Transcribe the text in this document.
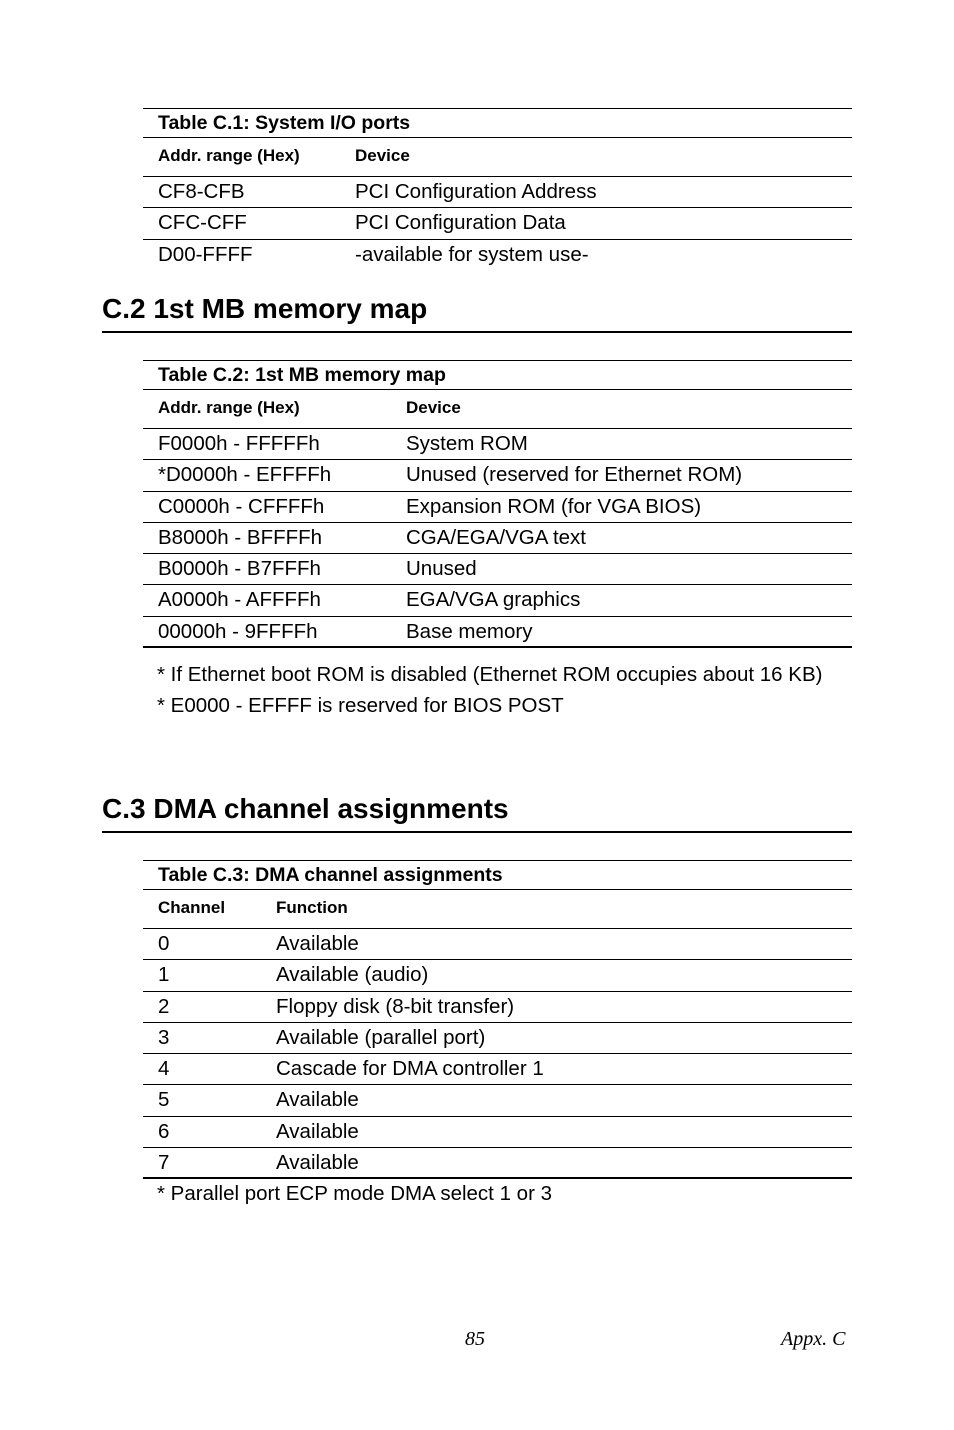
Table C.1: System I/O ports
Addr. range (Hex)	Device
CF8-CFB	PCI Configuration Address
CFC-CFF	PCI Configuration Data
D00-FFFF	-available for system use-
C.2 1st MB memory map
Table C.2: 1st MB memory map
Addr. range (Hex)	Device
F0000h - FFFFFh	System ROM
*D0000h - EFFFFh	Unused (reserved for Ethernet ROM)
C0000h - CFFFFh	Expansion ROM (for VGA BIOS)
B8000h - BFFFFh	CGA/EGA/VGA text
B0000h - B7FFFh	Unused
A0000h - AFFFFh	EGA/VGA graphics
00000h - 9FFFFh	Base memory
* If Ethernet boot ROM is disabled (Ethernet ROM occupies about 16 KB)
* E0000 - EFFFF is reserved for BIOS POST
C.3 DMA channel assignments
Table C.3: DMA channel assignments
Channel	Function
0	Available
1	Available (audio)
2	Floppy disk (8-bit transfer)
3	Available (parallel port)
4	Cascade for DMA controller 1
5	Available
6	Available
7	Available
* Parallel port ECP mode DMA select 1 or 3
85	Appx. C
